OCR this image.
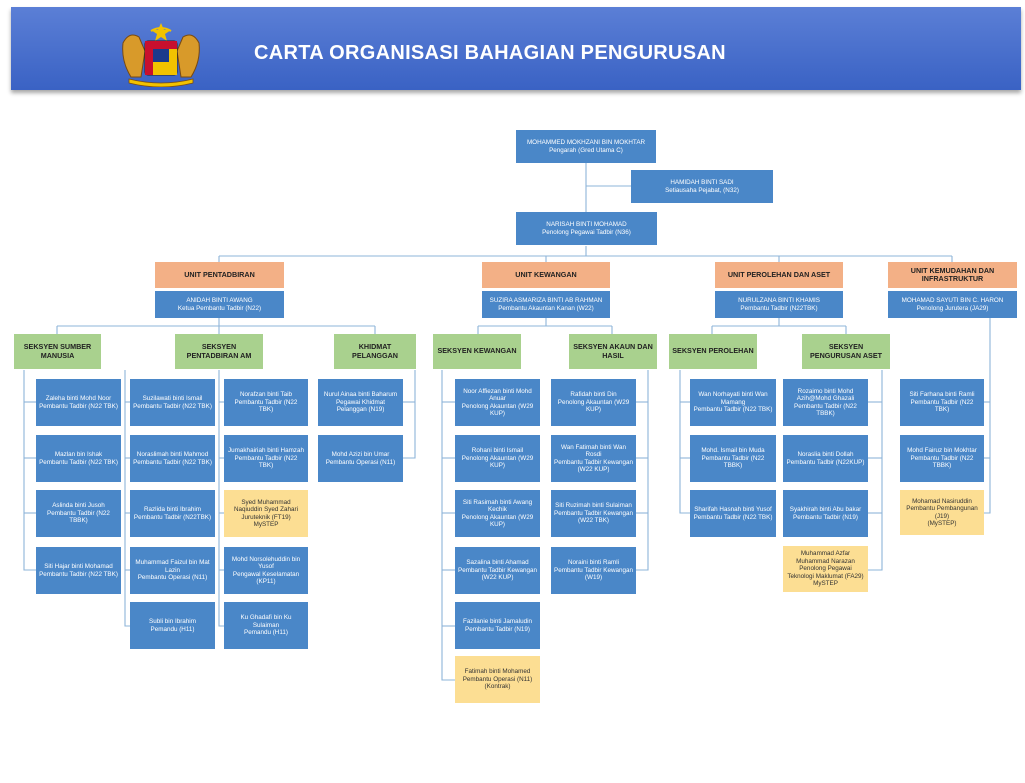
CARTA ORGANISASI BAHAGIAN PENGURUSAN
MOHAMMED MOKHZANI BIN MOKHTAR
Pengarah (Gred Utama C)
HAMIDAH BINTI SADI
Setiausaha Pejabat, (N32)
NARISAH BINTI MOHAMAD
Penolong Pegawai Tadbir (N36)
UNIT PENTADBIRAN
ANIDAH BINTI AWANG
Ketua Pembantu Tadbir (N22)
UNIT KEWANGAN
SUZIRA ASMARIZA BINTI AB RAHMAN
Pembantu Akauntan Kanan (W22)
UNIT PEROLEHAN DAN ASET
NURULZANA BINTI KHAMIS
Pembantu Tadbir (N22TBK)
UNIT KEMUDAHAN DAN INFRASTRUKTUR
MOHAMAD SAYUTI BIN C. HARON
Penolong Jurutera (JA29)
SEKSYEN SUMBER MANUSIA
SEKSYEN PENTADBIRAN AM
KHIDMAT PELANGGAN	SEKSYEN KEWANGAN	SEKSYEN AKAUN DAN HASIL	SEKSYEN PEROLEHAN	SEKSYEN PENGURUSAN ASET
Zaleha binti Mohd Noor
Pembantu Tadbir (N22 TBK)
Mazlan bin Ishak
Pembantu Tadbir (N22 TBK)
Aslinda binti Jusoh
Pembantu Tadbir (N22 TBBK)
Siti Hajar binti Mohamad
Pembantu Tadbir (N22 TBK)
Suzilawati binti Ismail
Pembantu Tadbir (N22 TBK)
Noraslimah binti Mahmod
Pembantu Tadbir (N22 TBK)
Razlida binti Ibrahim
Pembantu Tadbir (N22TBK)
Muhammad Faizul bin Mat Lazin
Pembantu Operasi (N11)
Subli bin Ibrahim
Pemandu (H11)
Norafzan binti Taib
Pembantu Tadbir (N22 TBK)
Jumakhairiah binti Hamzah
Pembantu Tadbir (N22 TBK)
Syed Muhammad Naqiuddin Syed Zahari
Juruteknik (FT19)
MySTEP
Mohd Norsolehuddin bin Yusof
Pengawal Keselamatan (KP11)
Ku Ghadafi bin Ku Sulaiman
Pemandu (H11)
Nurul Ainaa binti Baharum
Pegawai Khidmat Pelanggan (N19)
Mohd Azizi bin Umar
Pembantu Operasi (N11)
Noor Affiezan binti Mohd Anuar
Penolong Akauntan (W29 KUP)
Rohani binti Ismail
Penolong Akauntan (W29 KUP)
Siti Rasimah binti Awang Kechik
Penolong Akauntan (W29 KUP)
Sazalina binti Ahamad
Pembantu Tadbir Kewangan (W22 KUP)
Fazilanie binti Jamaludin
Pembantu Tadbir (N19)
Fatimah binti Mohamed
Pembantu Operasi (N11)
(Kontrak)
Rafidah binti Din
Penolong Akauntan (W29 KUP)
Wan Fatimah binti Wan Rosdi
Pembantu Tadbir Kewangan (W22 KUP)
Siti Ruzimah binti Sulaiman
Pembantu Tadbir Kewangan (W22 TBK)
Noraini binti Ramli
Pembantu Tadbir Kewangan (W19)
Wan Norhayati binti Wan Mamang
Pembantu Tadbir (N22 TBK)
Mohd. Ismail bin Muda
Pembantu Tadbir (N22 TBBK)
Sharifah Hasnah binti Yusof
Pembantu Tadbir (N22 TBK)
Rozaimo binti Mohd Azih@Mohd Ghazali
Pembantu Tadbir (N22 TBBK)
Noraslia binti Dollah
Pembantu Tadbir (N22KUP)
Syakhirah binti Abu bakar
Pembantu Tadbir (N19)
Muhammad Azfar Muhammad Narazan
Penolong Pegawai Teknologi Maklumat (FA29)
MySTEP
Siti Farhana binti Ramli
Pembantu Tadbir (N22 TBK)
Mohd Fairuz bin Mokhtar
Pembantu Tadbir (N22 TBBK)
Mohamad Nasiruddin
Pembantu Pembangunan (J19)
(MySTEP)
